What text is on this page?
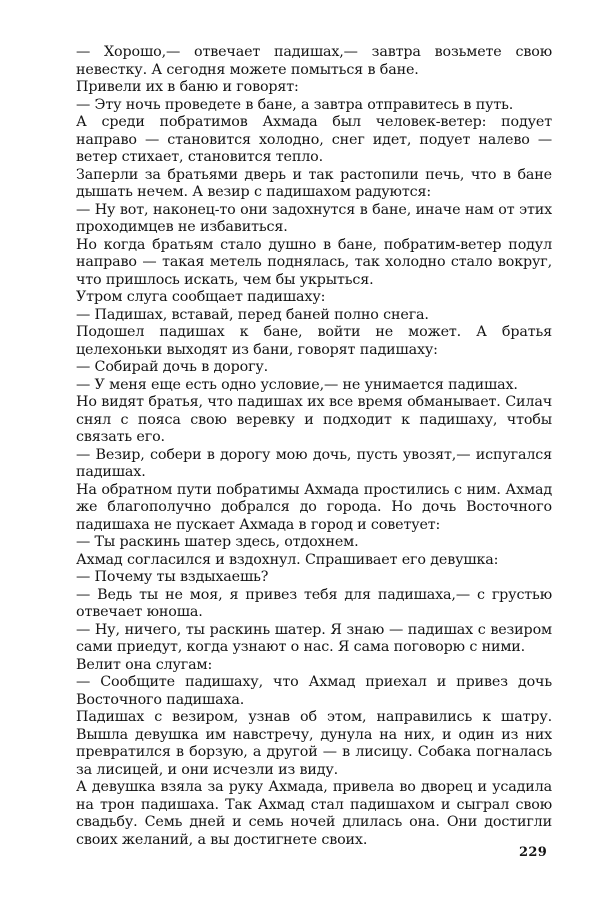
— Хорошо,— отвечает падишах,— завтра возьмете свою невестку. А сегодня можете помыться в бане.

Привели их в баню и говорят:

— Эту ночь проведете в бане, а завтра отправитесь в путь.

А среди побратимов Ахмада был человек-ветер: подует направо — становится холодно, снег идет, подует налево — ветер стихает, становится тепло.

Заперли за братьями дверь и так растопили печь, что в бане дышать нечем. А везир с падишахом радуются:

— Ну вот, наконец-то они задохнутся в бане, иначе нам от этих проходимцев не избавиться.

Но когда братьям стало душно в бане, побратим-ветер подул направо — такая метель поднялась, так холодно стало вокруг, что пришлось искать, чем бы укрыться.

Утром слуга сообщает падишаху:

— Падишах, вставай, перед баней полно снега.

Подошел падишах к бане, войти не может. А братья целехоньки выходят из бани, говорят падишаху:

— Собирай дочь в дорогу.

— У меня еще есть одно условие,— не унимается падишах.

Но видят братья, что падишах их все время обманывает. Силач снял с пояса свою веревку и подходит к падишаху, чтобы связать его.

— Везир, собери в дорогу мою дочь, пусть увозят,— испугался падишах.

На обратном пути побратимы Ахмада простились с ним. Ахмад же благополучно добрался до города. Но дочь Восточного падишаха не пускает Ахмада в город и советует:

— Ты раскинь шатер здесь, отдохнем.

Ахмад согласился и вздохнул. Спрашивает его девушка:

— Почему ты вздыхаешь?

— Ведь ты не моя, я привез тебя для падишаха,— с грустью отвечает юноша.

— Ну, ничего, ты раскинь шатер. Я знаю — падишах с везиром сами приедут, когда узнают о нас. Я сама поговорю с ними.

Велит она слугам:

— Сообщите падишаху, что Ахмад приехал и привез дочь Восточного падишаха.

Падишах с везиром, узнав об этом, направились к шатру. Вышла девушка им навстречу, дунула на них, и один из них превратился в борзую, а другой — в лисицу. Собака погналась за лисицей, и они исчезли из виду.

А девушка взяла за руку Ахмада, привела во дворец и усадила на трон падишаха. Так Ахмад стал падишахом и сыграл свою свадьбу. Семь дней и семь ночей длилась она. Они достигли своих желаний, а вы достигнете своих.

229
